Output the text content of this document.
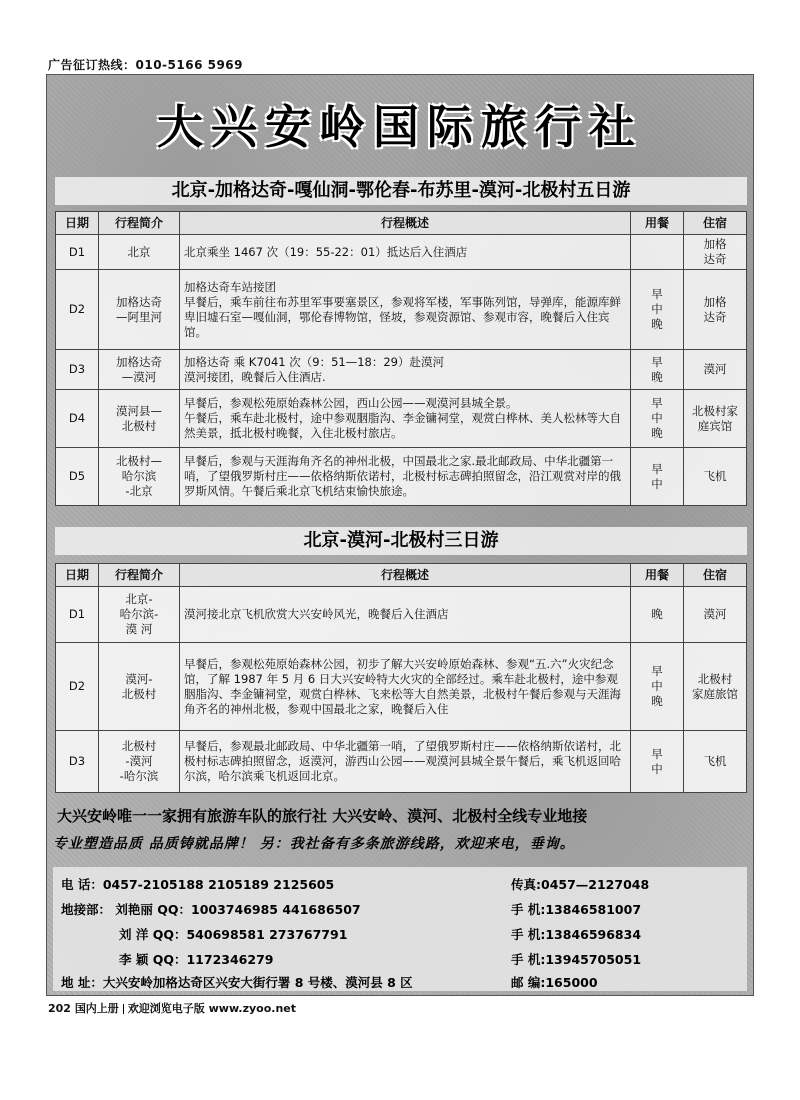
广告征订热线：010-5166 5969
大兴安岭国际旅行社
北京-加格达奇-嘎仙洞-鄂伦春-布苏里-漠河-北极村五日游
日期	行程简介	行程概述	用餐	住宿
D1	北京	北京乘坐 1467 次（19：55-22：01）抵达后入住酒店		加格
达奇
D2	加格达奇
—阿里河	加格达奇车站接团
早餐后，乘车前往布苏里军事要塞景区，参观将军楼，军事陈列馆，导弹库，能源库鲜卑旧墟石室—嘎仙洞，鄂伦春博物馆，怪坡，参观资源馆、参观市容，晚餐后入住宾馆。	早
中
晚	加格
达奇
D3	加格达奇
—漠河	加格达奇 乘 K7041 次（9：51—18：29）赴漠河
漠河接团，晚餐后入住酒店.	早
晚	漠河
D4	漠河县—
北极村	早餐后，参观松苑原始森林公园，西山公园——观漠河县城全景。
午餐后，乘车赴北极村，途中参观胭脂沟、李金镛祠堂，观赏白桦林、美人松林等大自然美景，抵北极村晚餐，入住北极村旅店。	早
中
晚	北极村家
庭宾馆
D5	北极村—
哈尔滨
-北京	早餐后，参观与天涯海角齐名的神州北极，中国最北之家.最北邮政局、中华北疆第一哨，了望俄罗斯村庄——依格纳斯依诺村，北极村标志碑拍照留念，沿江观赏对岸的俄罗斯风情。午餐后乘北京飞机结束愉快旅途。	早
中	飞机
北京-漠河-北极村三日游
日期	行程简介	行程概述	用餐	住宿
D1	北京-
哈尔滨-
漠 河	漠河接北京飞机欣赏大兴安岭风光，晚餐后入住酒店	晚	漠河
D2	漠河-
北极村	早餐后，参观松苑原始森林公园，初步了解大兴安岭原始森林、参观“五.六”火灾纪念馆，了解 1987 年 5 月 6 日大兴安岭特大火灾的全部经过。乘车赴北极村，途中参观胭脂沟、李金镛祠堂，观赏白桦林、飞来松等大自然美景，北极村午餐后参观与天涯海角齐名的神州北极，参观中国最北之家，晚餐后入住	早
中
晚	北极村
家庭旅馆
D3	北极村
-漠河
-哈尔滨	早餐后，参观最北邮政局、中华北疆第一哨，了望俄罗斯村庄——依格纳斯依诺村，北极村标志碑拍照留念，返漠河，游西山公园——观漠河县城全景午餐后，乘飞机返回哈尔滨，哈尔滨乘飞机返回北京。	早
中	飞机
大兴安岭唯一一家拥有旅游车队的旅行社 大兴安岭、漠河、北极村全线专业地接
专业塑造品质 品质铸就品牌！ 另：我社备有多条旅游线路，欢迎来电，垂询。
电 话：0457-2105188 2105189 2125605	传真:0457—2127048
地接部： 刘艳丽 QQ：1003746985 441686507	手 机:13846581007
刘 洋 QQ：540698581 273767791	手 机:13846596834
李 颖 QQ：1172346279	手 机:13945705051
地 址：大兴安岭加格达奇区兴安大街行署 8 号楼、漠河县 8 区	邮 编:165000
202 国内上册 欢迎浏览电子版 www.zyoo.net
